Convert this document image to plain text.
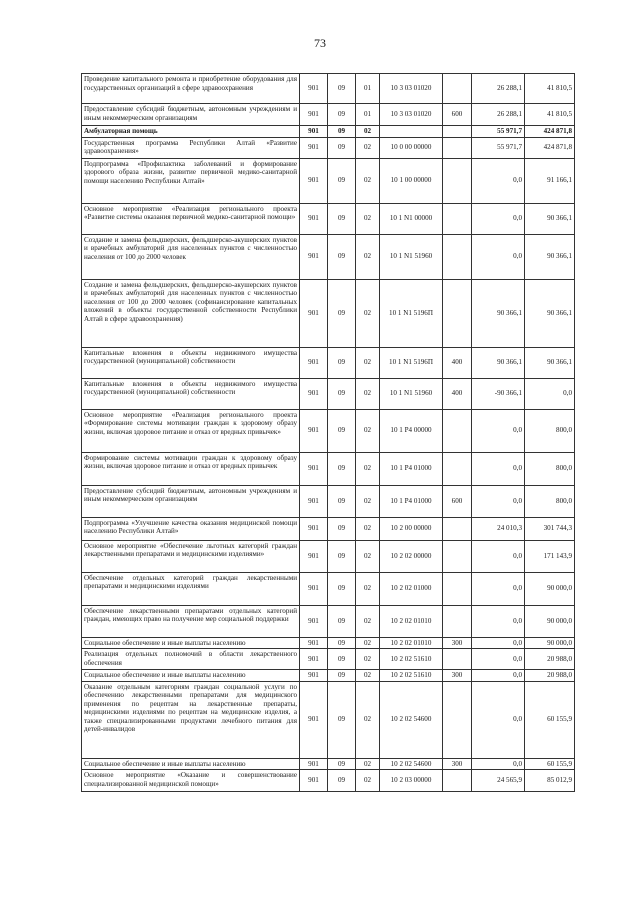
73
Проведение капитального ремонта и приобретение оборудования для государственных организаций в сфере здравоохранения	901	09	01	10 3 03 01020		26 288,1	41 810,5
Предоставление субсидий бюджетным, автономным учреждениям и иным некоммерческим организациям	901	09	01	10 3 03 01020	600	26 288,1	41 810,5
Амбулаторная помощь	901	09	02			55 971,7	424 871,8
Государственная программа Республики Алтай «Развитие здравоохранения»	901	09	02	10 0 00 00000		55 971,7	424 871,8
Подпрограмма «Профилактика заболеваний и формирование здорового образа жизни, развитие первичной медико-санитарной помощи населению Республики Алтай»	901	09	02	10 1 00 00000		0,0	91 166,1
Основное мероприятие «Реализация регионального проекта «Развитие системы оказания первичной медико-санитарной помощи»	901	09	02	10 1 N1 00000		0,0	90 366,1
Создание и замена фельдшерских, фельдшерско-акушерских пунктов и врачебных амбулаторий для населенных пунктов с численностью населения от 100 до 2000 человек	901	09	02	10 1 N1 51960		0,0	90 366,1
Создание и замена фельдшерских, фельдшерско-акушерских пунктов и врачебных амбулаторий для населенных пунктов с численностью населения от 100 до 2000 человек (софинансирование капитальных вложений в объекты государственной собственности Республики Алтай в сфере здравоохранения)	901	09	02	10 1 N1 5196П		90 366,1	90 366,1
Капитальные вложения в объекты недвижимого имущества государственной (муниципальной) собственности	901	09	02	10 1 N1 5196П	400	90 366,1	90 366,1
Капитальные вложения в объекты недвижимого имущества государственной (муниципальной) собственности	901	09	02	10 1 N1 51960	400	-90 366,1	0,0
Основное мероприятие «Реализация регионального проекта «Формирование системы мотивации граждан к здоровому образу жизни, включая здоровое питание и отказ от вредных привычек»	901	09	02	10 1 P4 00000		0,0	800,0
Формирование системы мотивации граждан к здоровому образу жизни, включая здоровое питание и отказ от вредных привычек	901	09	02	10 1 P4 01000		0,0	800,0
Предоставление субсидий бюджетным, автономным учреждениям и иным некоммерческим организациям	901	09	02	10 1 P4 01000	600	0,0	800,0
Подпрограмма «Улучшение качества оказания медицинской помощи населению Республики Алтай»	901	09	02	10 2 00 00000		24 010,3	301 744,3
Основное мероприятие «Обеспечение льготных категорий граждан лекарственными препаратами и медицинскими изделиями»	901	09	02	10 2 02 00000		0,0	171 143,9
Обеспечение отдельных категорий граждан лекарственными препаратами и медицинскими изделиями	901	09	02	10 2 02 01000		0,0	90 000,0
Обеспечение лекарственными препаратами отдельных категорий граждан, имеющих право на получение мер социальной поддержки	901	09	02	10 2 02 01010		0,0	90 000,0
Социальное обеспечение и иные выплаты населению	901	09	02	10 2 02 01010	300	0,0	90 000,0
Реализация отдельных полномочий в области лекарственного обеспечения	901	09	02	10 2 02 51610		0,0	20 988,0
Социальное обеспечение и иные выплаты населению	901	09	02	10 2 02 51610	300	0,0	20 988,0
Оказание отдельным категориям граждан социальной услуги по обеспечению лекарственными препаратами для медицинского применения по рецептам на лекарственные препараты, медицинскими изделиями по рецептам на медицинские изделия, а также специализированными продуктами лечебного питания для детей-инвалидов	901	09	02	10 2 02 54600		0,0	60 155,9
Социальное обеспечение и иные выплаты населению	901	09	02	10 2 02 54600	300	0,0	60 155,9
Основное мероприятие «Оказание и совершенствование специализированной медицинской помощи»	901	09	02	10 2 03 00000		24 565,9	85 012,9
